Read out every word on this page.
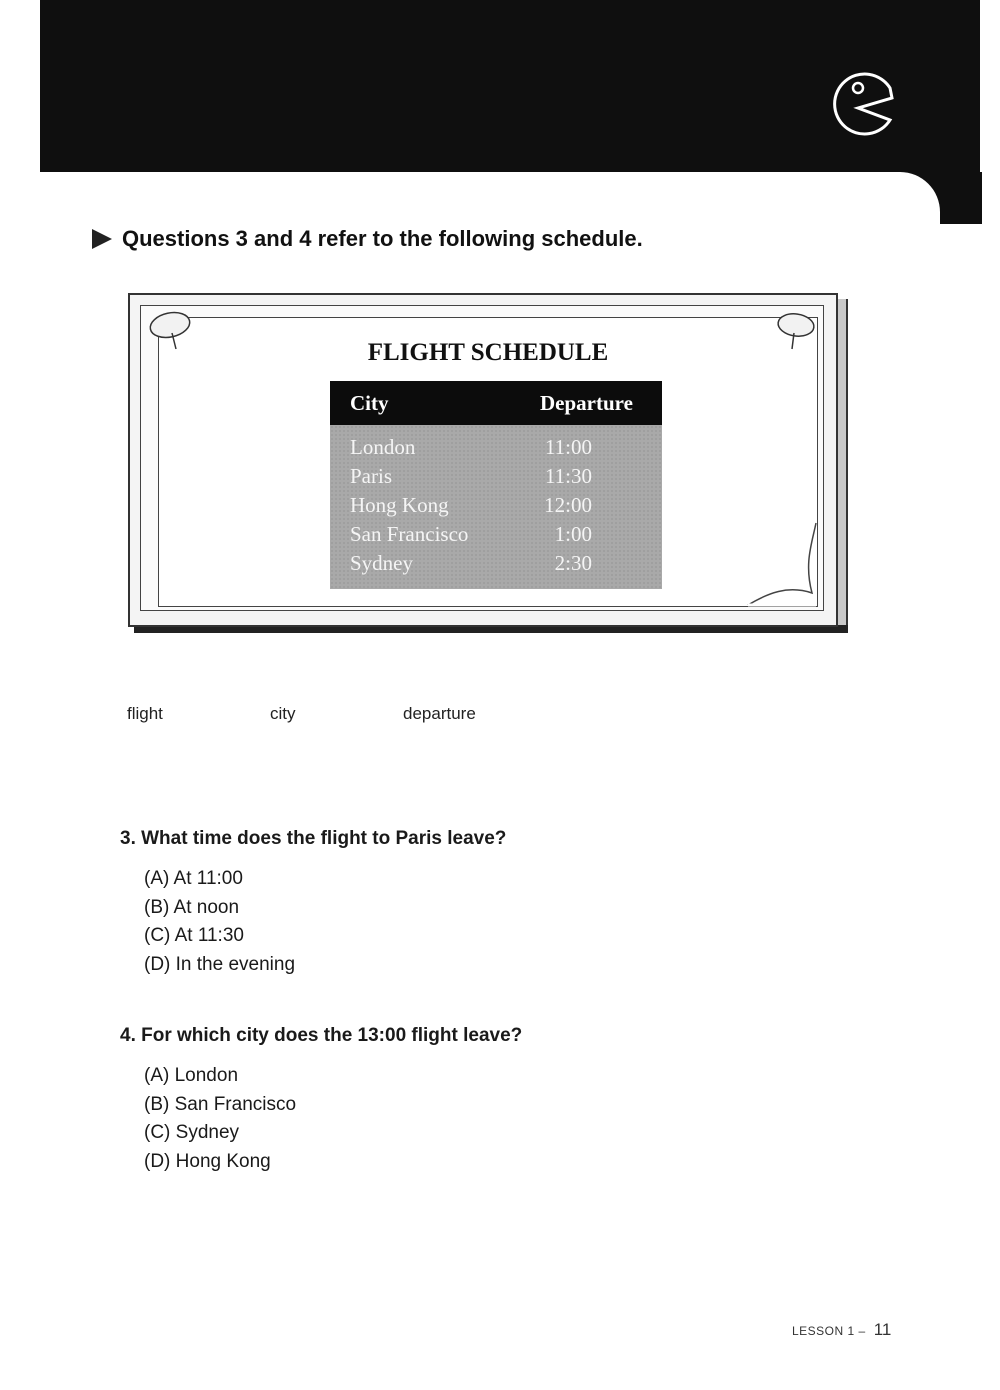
Questions 3 and 4 refer to the following schedule.
FLIGHT SCHEDULE
City	Departure
London	11:00
Paris	11:30
Hong Kong	12:00
San Francisco	1:00
Sydney	2:30
flight	city	departure
3. What time does the flight to Paris leave?
(A) At 11:00
(B) At noon
(C) At 11:30
(D) In the evening
4. For which city does the 13:00 flight leave?
(A) London
(B) San Francisco
(C) Sydney
(D) Hong Kong
LESSON 1 – 11
